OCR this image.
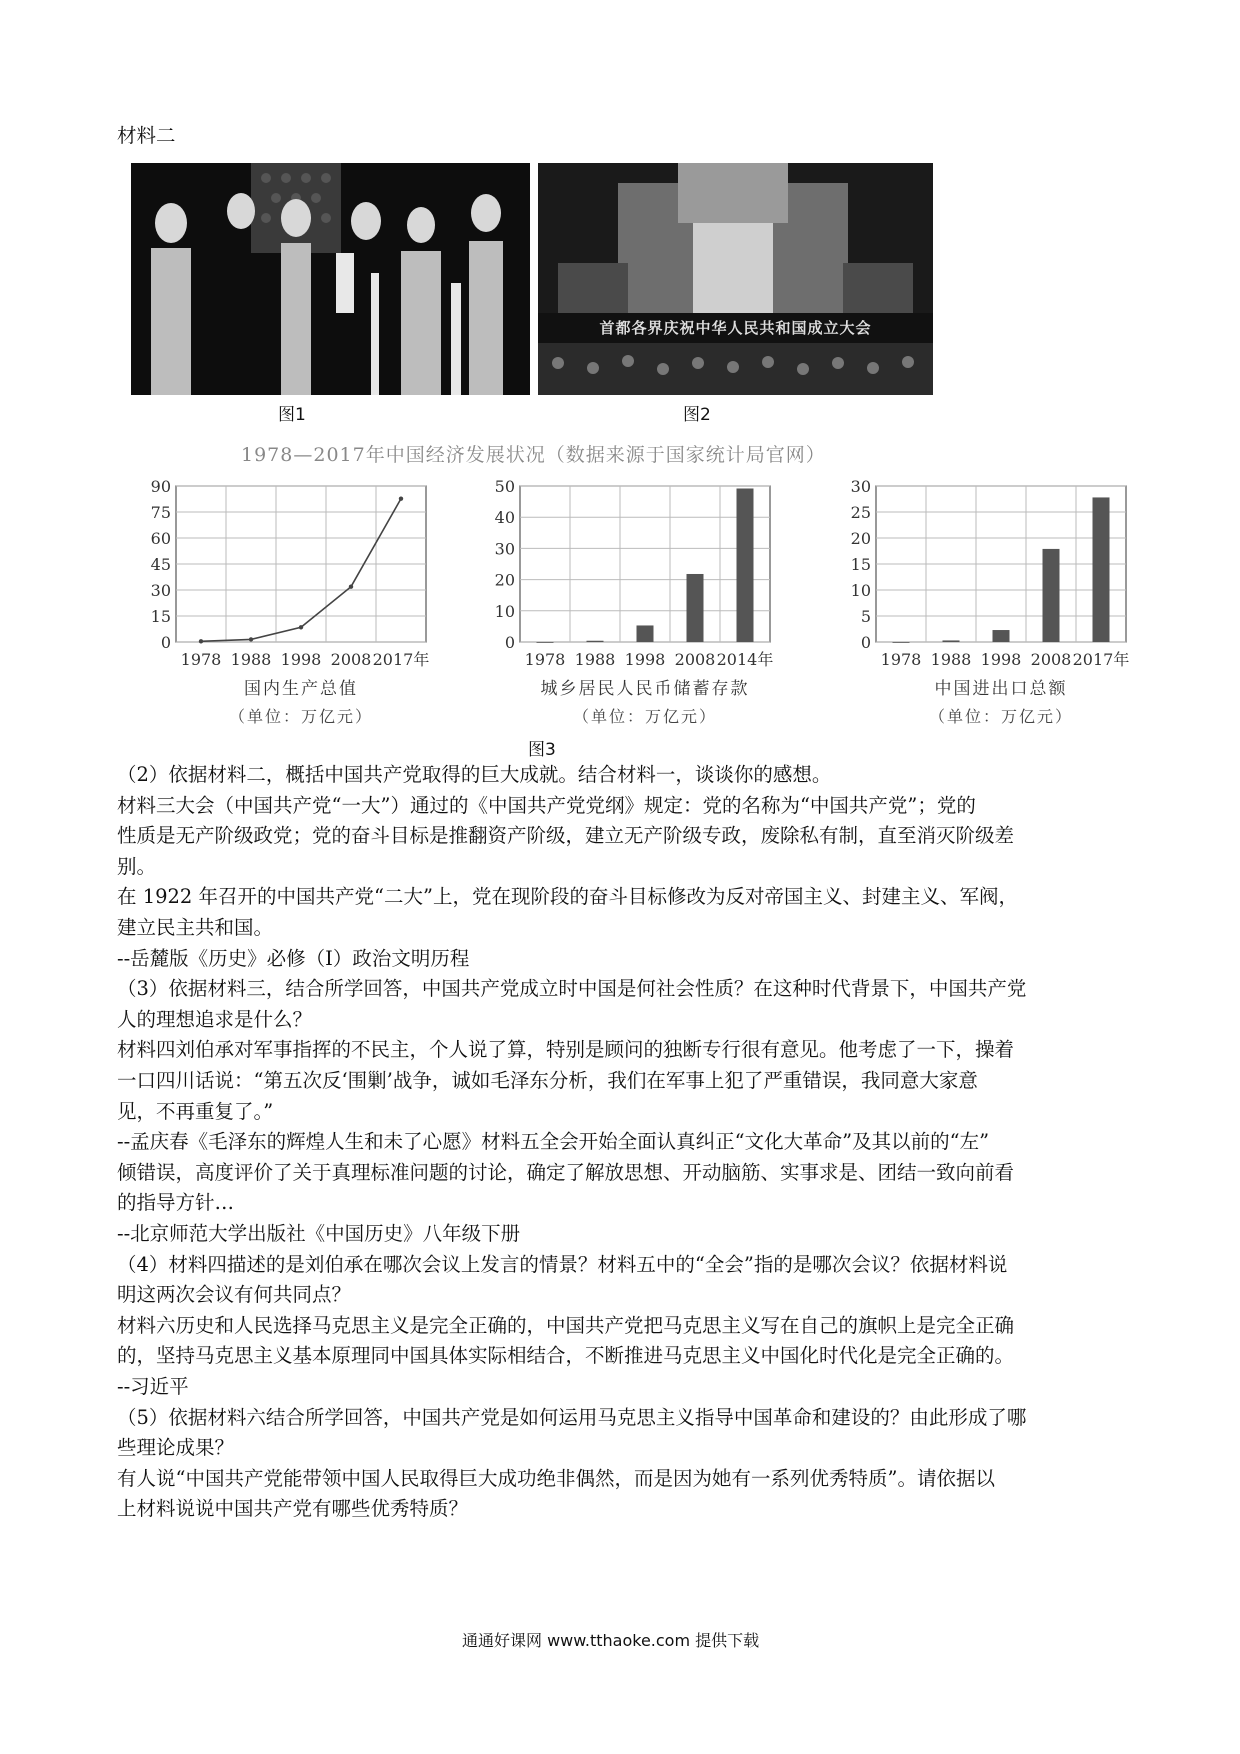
材料二
图1
首都各界庆祝中华人民共和国成立大会
图2
1978—2017年中国经济发展状况（数据来源于国家统计局官网）
0
15
30
45
60
75
90
1978 1988 1998 2008 2017年
国内生产总值
（单位：万亿元）
0
10
20
30
40
50
1978 1988 1998 2008 2014年
城乡居民人民币储蓄存款
（单位：万亿元）
0
5
10
15
20
25
30
1978 1988 1998 2008 2017年
中国进出口总额
（单位：万亿元）
图3
（2）依据材料二，概括中国共产党取得的巨大成就。结合材料一，谈谈你的感想。
材料三大会（中国共产党“一大”）通过的《中国共产党党纲》规定：党的名称为“中国共产党”；党的
性质是无产阶级政党；党的奋斗目标是推翻资产阶级，建立无产阶级专政，废除私有制，直至消灭阶级差
别。
在 1922 年召开的中国共产党“二大”上，党在现阶段的奋斗目标修改为反对帝国主义、封建主义、军阀，
建立民主共和国。
--岳麓版《历史》必修（I）政治文明历程
（3）依据材料三，结合所学回答，中国共产党成立时中国是何社会性质？在这种时代背景下，中国共产党
人的理想追求是什么？
材料四刘伯承对军事指挥的不民主，个人说了算，特别是顾问的独断专行很有意见。他考虑了一下，操着
一口四川话说：“第五次反‘围剿’战争，诚如毛泽东分析，我们在军事上犯了严重错误，我同意大家意
见，不再重复了。”
--孟庆春《毛泽东的辉煌人生和未了心愿》材料五全会开始全面认真纠正“文化大革命”及其以前的“左”
倾错误，高度评价了关于真理标准问题的讨论，确定了解放思想、开动脑筋、实事求是、团结一致向前看
的指导方针…
--北京师范大学出版社《中国历史》八年级下册
（4）材料四描述的是刘伯承在哪次会议上发言的情景？材料五中的“全会”指的是哪次会议？依据材料说
明这两次会议有何共同点？
材料六历史和人民选择马克思主义是完全正确的，中国共产党把马克思主义写在自己的旗帜上是完全正确
的，坚持马克思主义基本原理同中国具体实际相结合，不断推进马克思主义中国化时代化是完全正确的。
--习近平
（5）依据材料六结合所学回答，中国共产党是如何运用马克思主义指导中国革命和建设的？由此形成了哪
些理论成果？
有人说“中国共产党能带领中国人民取得巨大成功绝非偶然，而是因为她有一系列优秀特质”。请依据以
上材料说说中国共产党有哪些优秀特质？
通通好课网 www.tthaoke.com 提供下载
